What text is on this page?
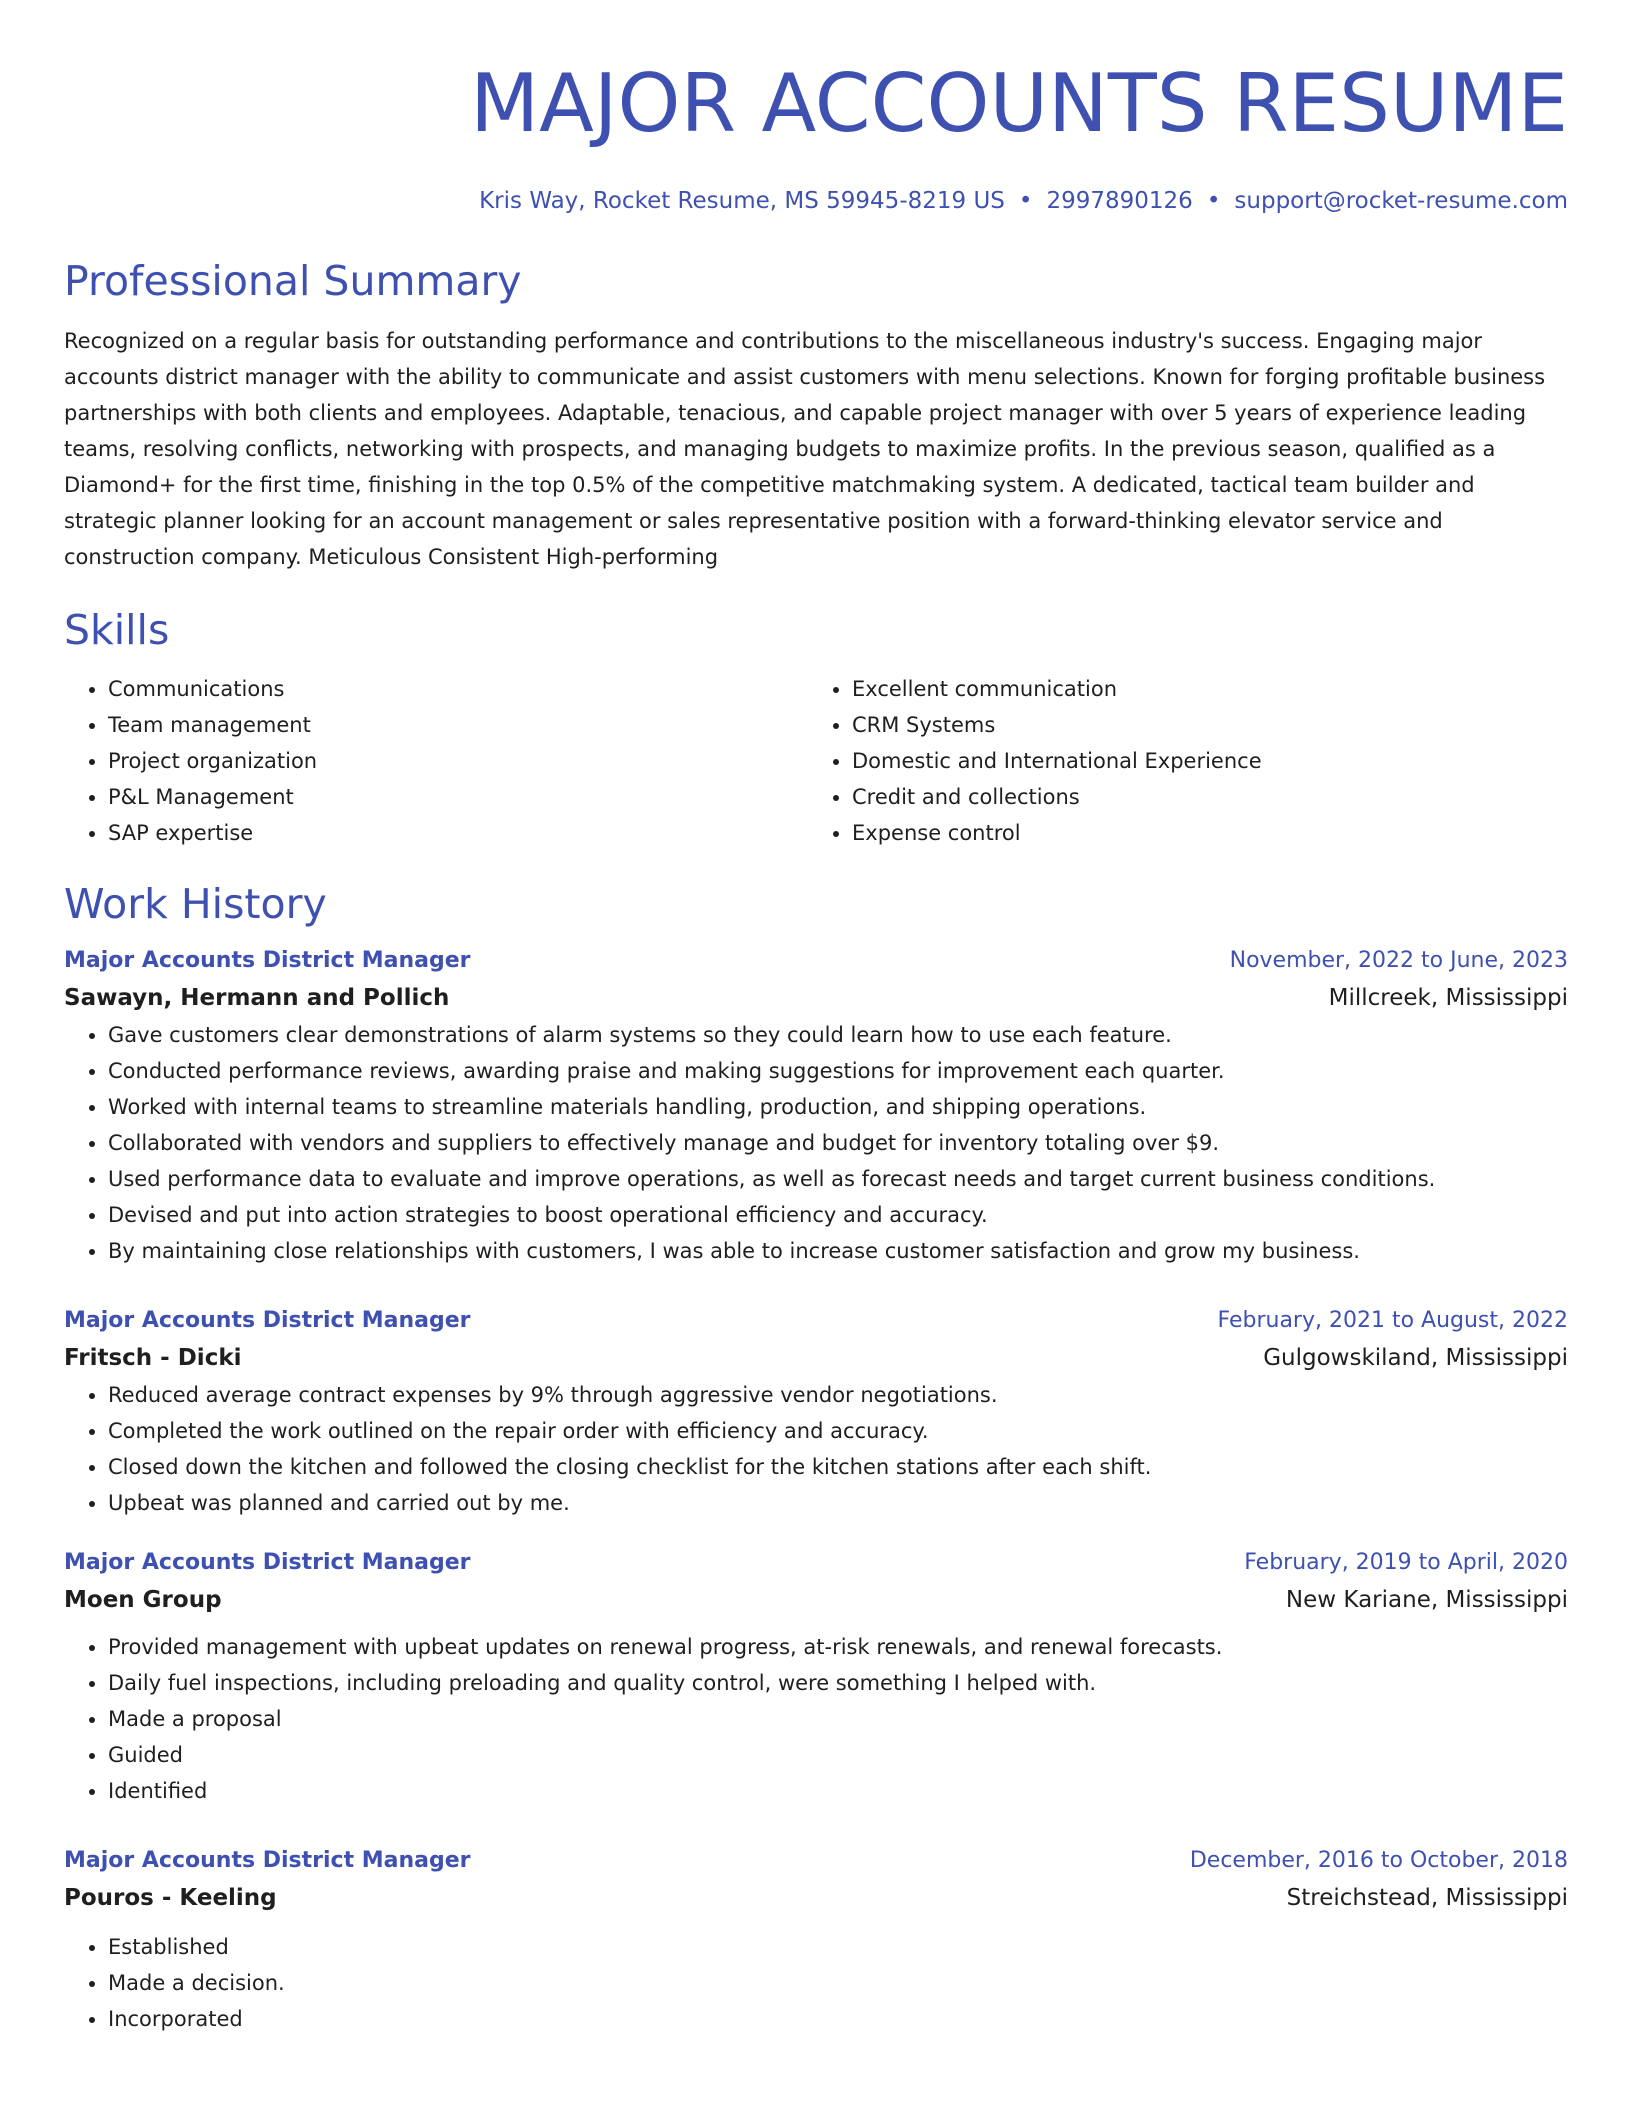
MAJOR ACCOUNTS RESUME
Kris Way, Rocket Resume, MS 59945-8219 US • 2997890126 • support@rocket-resume.com
Professional Summary
Recognized on a regular basis for outstanding performance and contributions to the miscellaneous industry's success. Engaging major accounts district manager with the ability to communicate and assist customers with menu selections. Known for forging profitable business partnerships with both clients and employees. Adaptable, tenacious, and capable project manager with over 5 years of experience leading teams, resolving conflicts, networking with prospects, and managing budgets to maximize profits. In the previous season, qualified as a Diamond+ for the first time, finishing in the top 0.5% of the competitive matchmaking system. A dedicated, tactical team builder and strategic planner looking for an account management or sales representative position with a forward-thinking elevator service and construction company. Meticulous Consistent High-performing
Skills
• Communications
• Team management
• Project organization
• P&L Management
• SAP expertise
• Excellent communication
• CRM Systems
• Domestic and International Experience
• Credit and collections
• Expense control
Work History
Major Accounts District Manager	November, 2022 to June, 2023
Sawayn, Hermann and Pollich	Millcreek, Mississippi
• Gave customers clear demonstrations of alarm systems so they could learn how to use each feature.
• Conducted performance reviews, awarding praise and making suggestions for improvement each quarter.
• Worked with internal teams to streamline materials handling, production, and shipping operations.
• Collaborated with vendors and suppliers to effectively manage and budget for inventory totaling over $9.
• Used performance data to evaluate and improve operations, as well as forecast needs and target current business conditions.
• Devised and put into action strategies to boost operational efficiency and accuracy.
• By maintaining close relationships with customers, I was able to increase customer satisfaction and grow my business.
Major Accounts District Manager	February, 2021 to August, 2022
Fritsch - Dicki	Gulgowskiland, Mississippi
• Reduced average contract expenses by 9% through aggressive vendor negotiations.
• Completed the work outlined on the repair order with efficiency and accuracy.
• Closed down the kitchen and followed the closing checklist for the kitchen stations after each shift.
• Upbeat was planned and carried out by me.
Major Accounts District Manager	February, 2019 to April, 2020
Moen Group	New Kariane, Mississippi
• Provided management with upbeat updates on renewal progress, at-risk renewals, and renewal forecasts.
• Daily fuel inspections, including preloading and quality control, were something I helped with.
• Made a proposal
• Guided
• Identified
Major Accounts District Manager	December, 2016 to October, 2018
Pouros - Keeling	Streichstead, Mississippi
• Established
• Made a decision.
• Incorporated
